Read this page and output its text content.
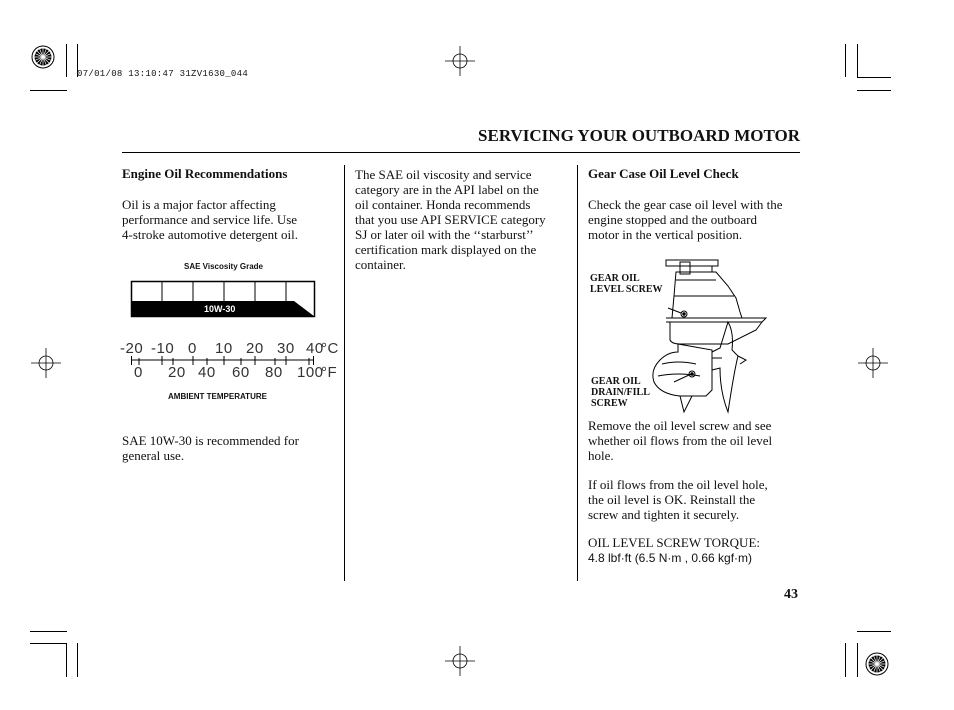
07/01/08 13:10:47 31ZV1630_044
SERVICING YOUR OUTBOARD MOTOR
Engine Oil Recommendations
Oil is a major factor affecting
performance and service life. Use
4-stroke automotive detergent oil.
SAE Viscosity Grade
10W-30
-20 -10 0 10 20 30 40
°C
0 20 40 60 80 100
°F
AMBIENT TEMPERATURE
SAE 10W-30 is recommended for
general use.
The SAE oil viscosity and service
category are in the API label on the
oil container. Honda recommends
that you use API SERVICE category
SJ or later oil with the ‘‘starburst’’
certification mark displayed on the
container.
Gear Case Oil Level Check
Check the gear case oil level with the
engine stopped and the outboard
motor in the vertical position.
GEAR OIL
LEVEL SCREW
GEAR OIL
DRAIN/FILL
SCREW
Remove the oil level screw and see
whether oil flows from the oil level
hole.
If oil flows from the oil level hole,
the oil level is OK. Reinstall the
screw and tighten it securely.
OIL LEVEL SCREW TORQUE:
4.8 lbf·ft (6.5 N·m , 0.66 kgf·m)
43
